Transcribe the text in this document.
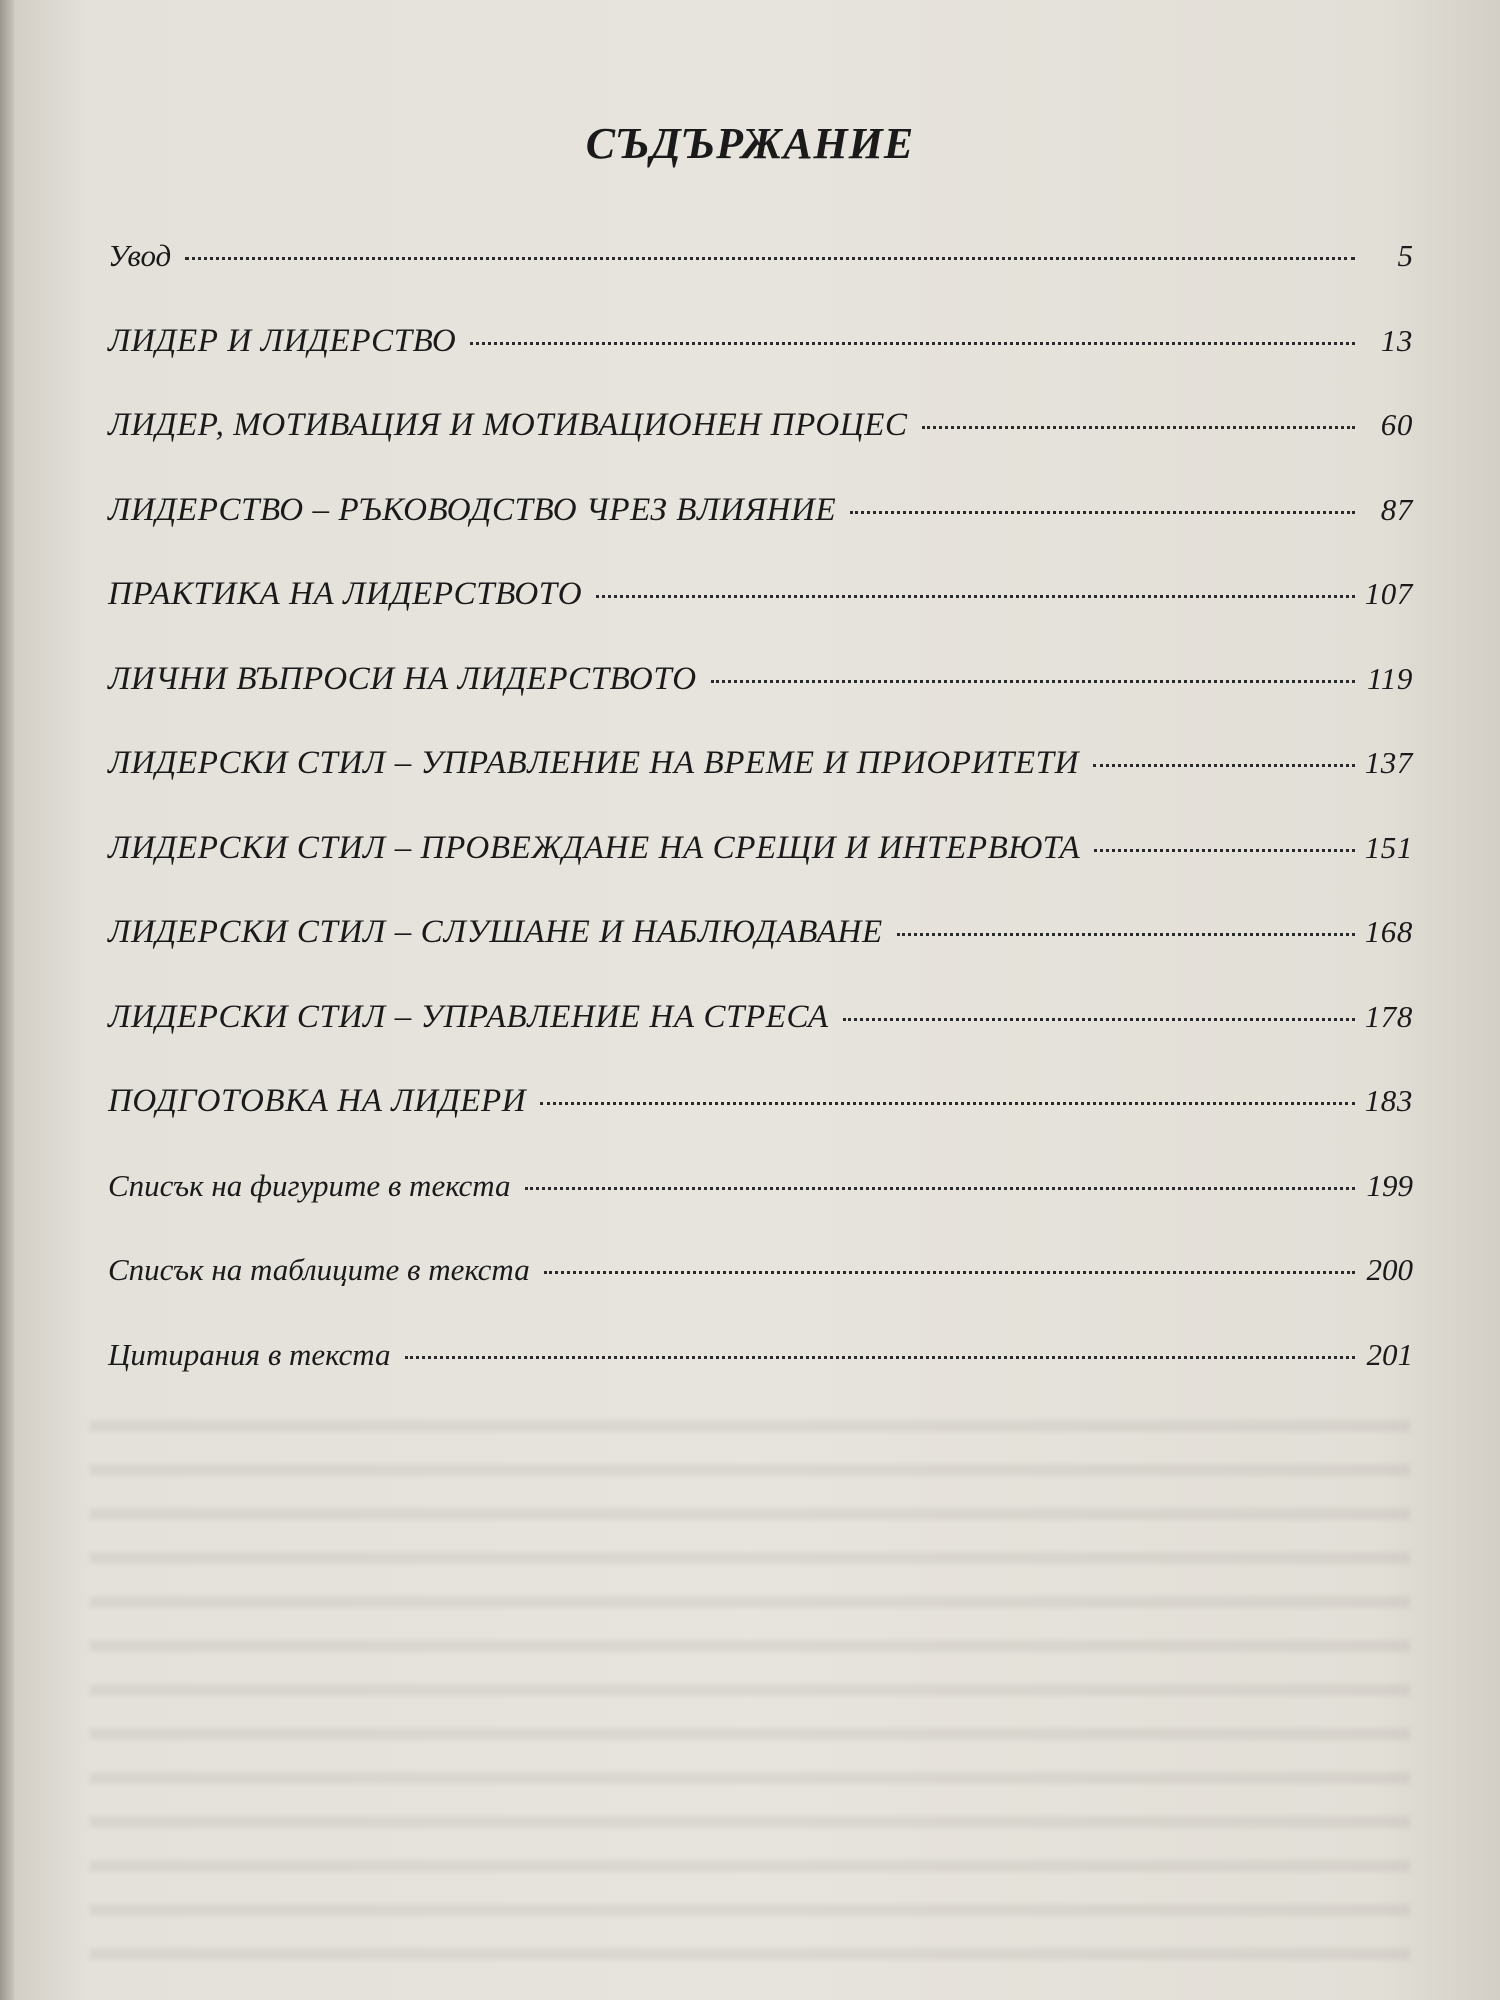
СЪДЪРЖАНИЕ
Увод	5
ЛИДЕР И ЛИДЕРСТВО	13
ЛИДЕР, МОТИВАЦИЯ И МОТИВАЦИОНЕН ПРОЦЕС	60
ЛИДЕРСТВО – РЪКОВОДСТВО ЧРЕЗ ВЛИЯНИЕ	87
ПРАКТИКА НА ЛИДЕРСТВОТО	107
ЛИЧНИ ВЪПРОСИ НА ЛИДЕРСТВОТО	119
ЛИДЕРСКИ СТИЛ – УПРАВЛЕНИЕ НА ВРЕМЕ И ПРИОРИТЕТИ	137
ЛИДЕРСКИ СТИЛ – ПРОВЕЖДАНЕ НА СРЕЩИ И ИНТЕРВЮТА	151
ЛИДЕРСКИ СТИЛ – СЛУШАНЕ И НАБЛЮДАВАНЕ	168
ЛИДЕРСКИ СТИЛ – УПРАВЛЕНИЕ НА СТРЕСА	178
ПОДГОТОВКА НА ЛИДЕРИ	183
Списък на фигурите в текста	199
Списък на таблиците в текста	200
Цитирания в текста	201
